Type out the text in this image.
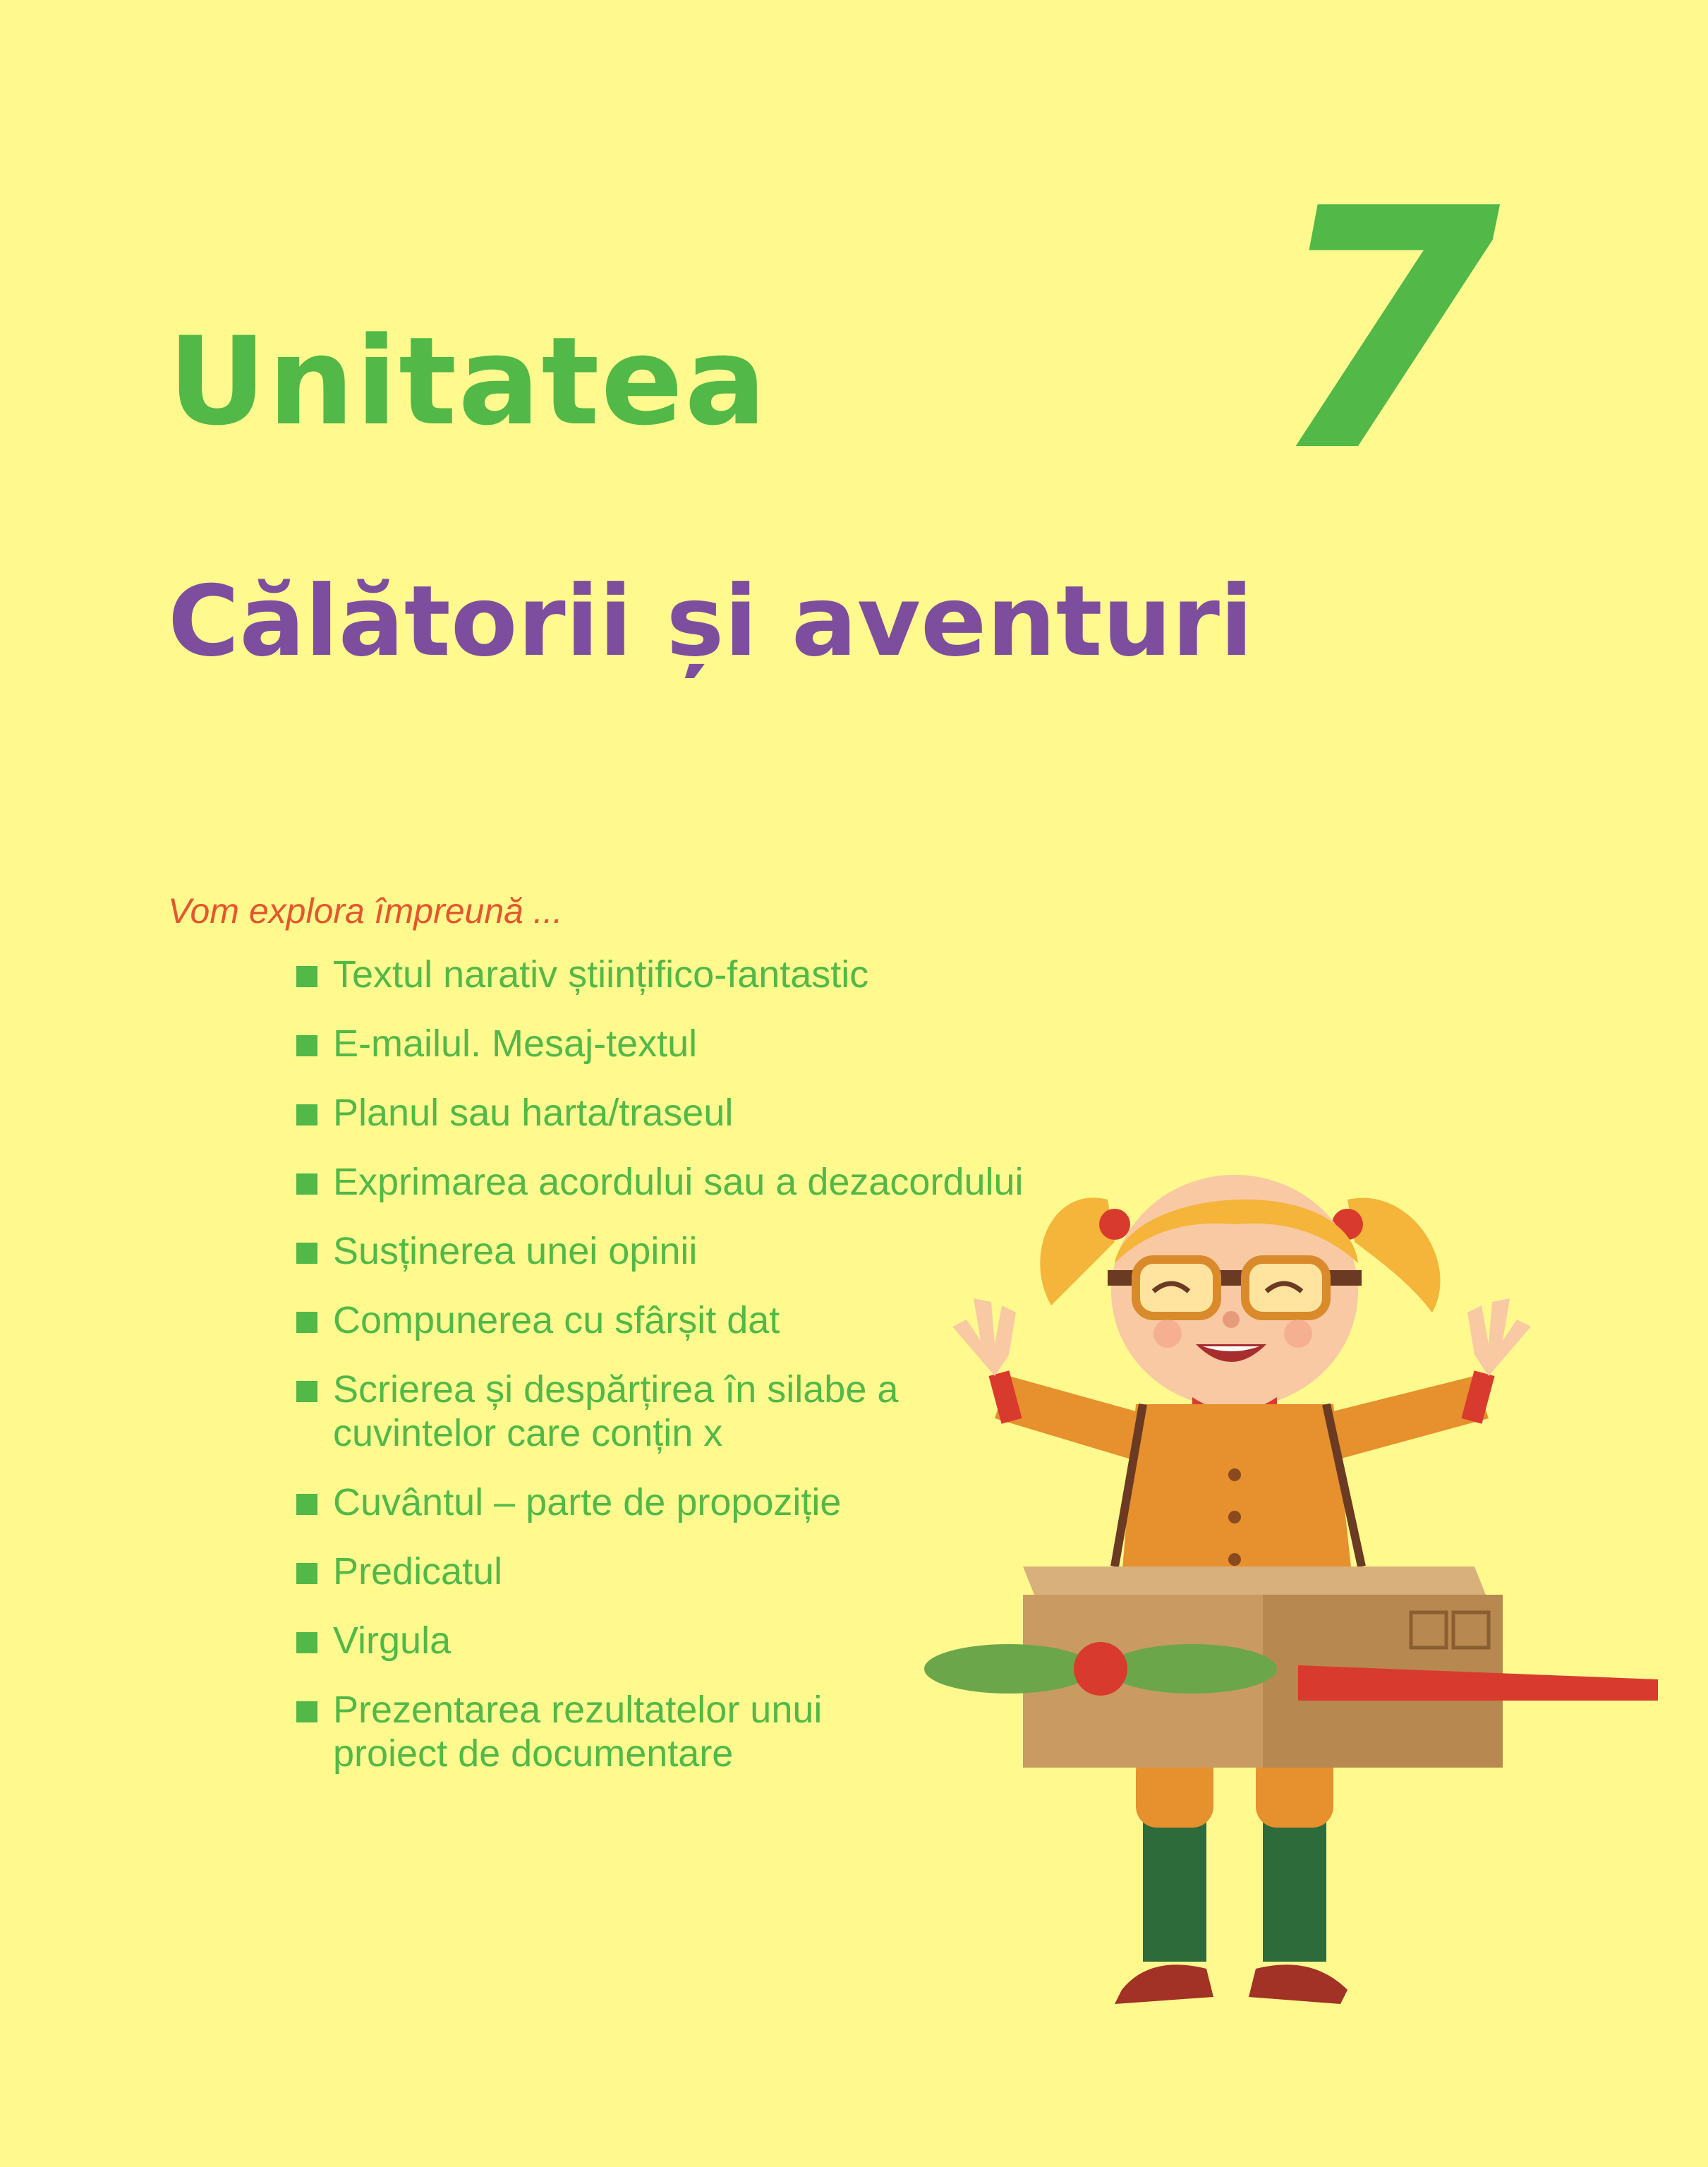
Unitatea 7
Călătorii și aventuri
Vom explora împreună ...
Textul narativ științifico-fantastic
E-mailul. Mesaj-textul
Planul sau harta/traseul
Exprimarea acordului sau a dezacordului
Susținerea unei opinii
Compunerea cu sfârșit dat
Scrierea și despărțirea în silabe a cuvintelor care conțin x
Cuvântul – parte de propoziție
Predicatul
Virgula
Prezentarea rezultatelor unui proiect de documentare
